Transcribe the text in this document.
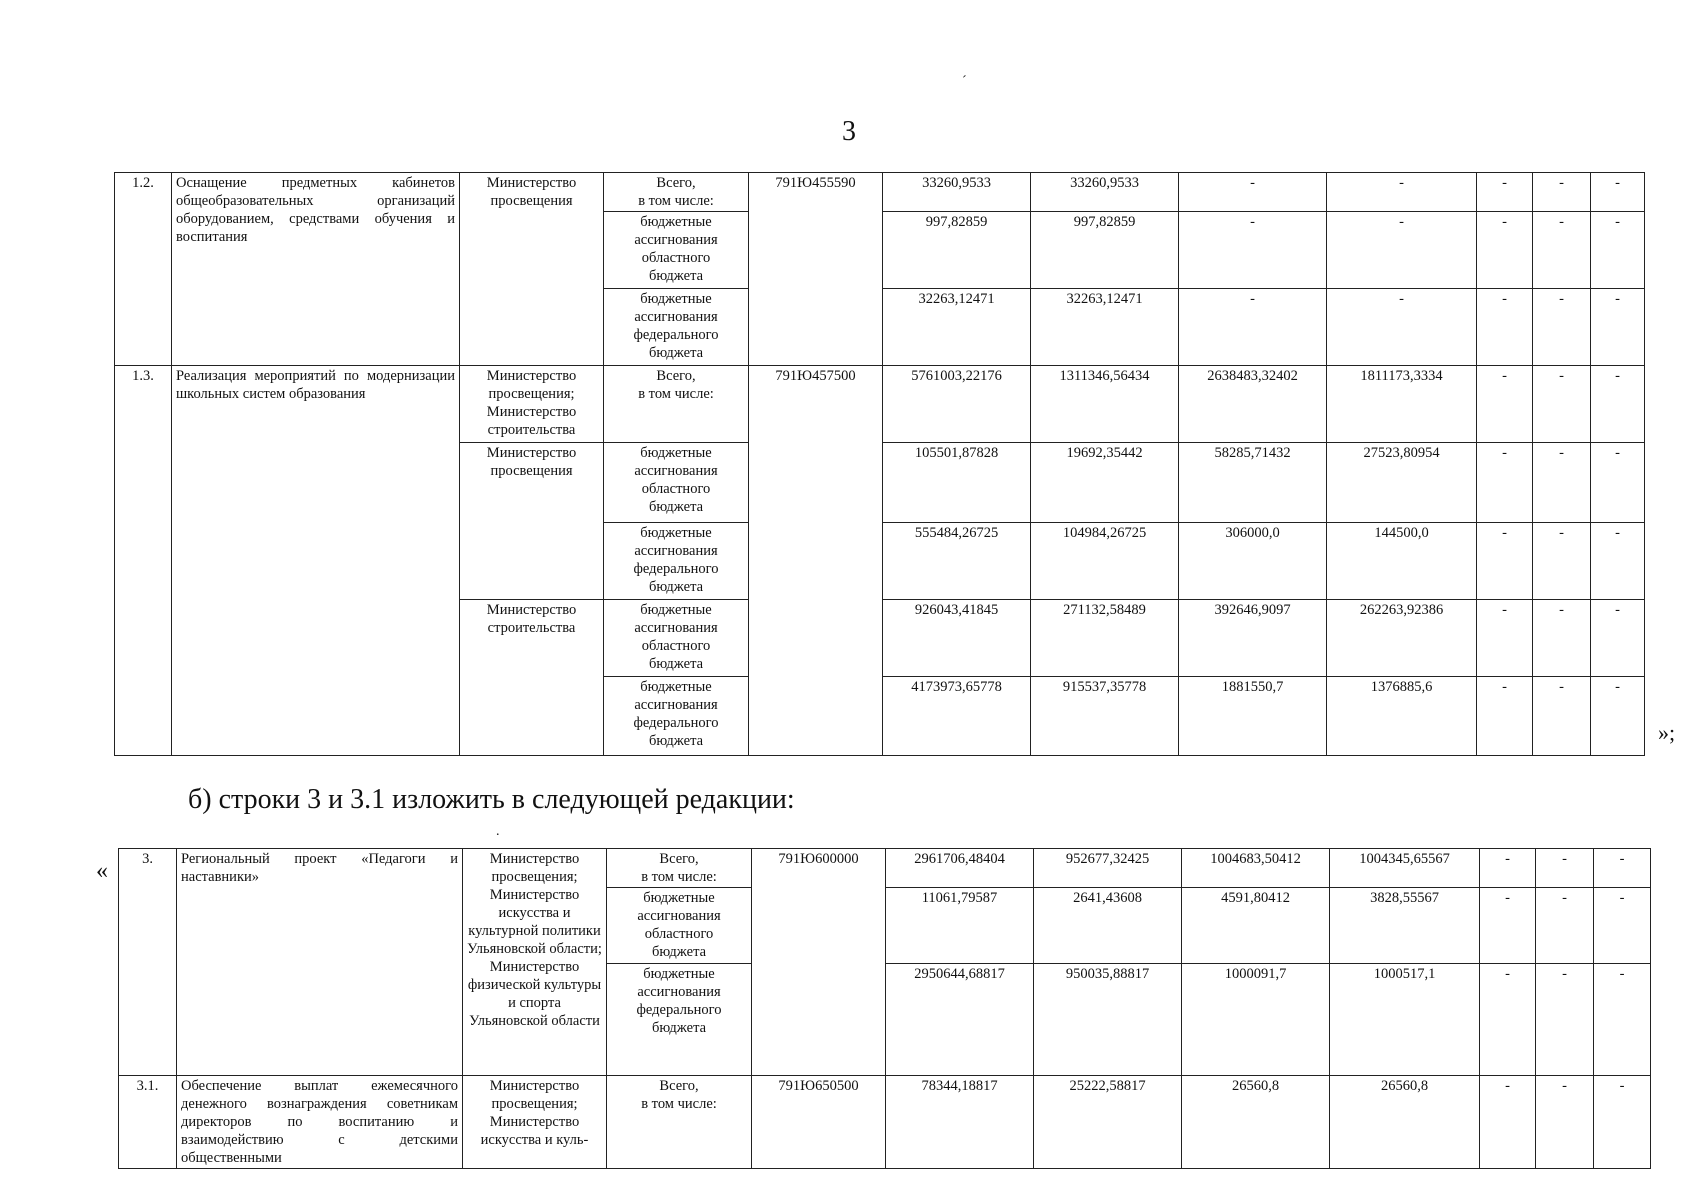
3
´
1.2.	Оснащение предметных кабинетов общеобразовательных организаций оборудованием, средствами обучения и воспитания	Министерство просвещения	Всего,
в том числе:	791Ю455590	33260,9533	33260,9533	-	-	-	-	-
			бюджетные
ассигнования
областного
бюджета		997,82859	997,82859	-	-	-	-	-
			бюджетные
ассигнования
федерального
бюджета		32263,12471	32263,12471	-	-	-	-	-
1.3.	Реализация мероприятий по модернизации школьных систем образования	Министерство просвещения; Министерство строительства	Всего,
в том числе:	791Ю457500	5761003,22176	1311346,56434	2638483,32402	1811173,3334	-	-	-
		Министерство просвещения	бюджетные
ассигнования
областного
бюджета		105501,87828	19692,35442	58285,71432	27523,80954	-	-	-
			бюджетные
ассигнования
федерального
бюджета		555484,26725	104984,26725	306000,0	144500,0	-	-	-
		Министерство строительства	бюджетные
ассигнования
областного
бюджета		926043,41845	271132,58489	392646,9097	262263,92386	-	-	-
			бюджетные
ассигнования
федерального
бюджета		4173973,65778	915537,35778	1881550,7	1376885,6	-	-	-
»;
б) строки 3 и 3.1 изложить в следующей редакции:
.
« 3.	Региональный проект «Педагоги и наставники»	Министерство просвещения; Министерство искусства и культурной политики Ульяновской области; Министерство физической культуры и спорта Ульяновской области	Всего,
в том числе:	791Ю600000	2961706,48404	952677,32425	1004683,50412	1004345,65567	-	-	-
			бюджетные
ассигнования
областного
бюджета		11061,79587	2641,43608	4591,80412	3828,55567	-	-	-
			бюджетные
ассигнования
федерального
бюджета		2950644,68817	950035,88817	1000091,7	1000517,1	-	-	-
3.1.	Обеспечение выплат ежемесячного денежного вознаграждения советникам директоров по воспитанию и взаимодействию с детскими общественными	Министерство просвещения; Министерство искусства и куль-	Всего,
в том числе:	791Ю650500	78344,18817	25222,58817	26560,8	26560,8	-	-	-
